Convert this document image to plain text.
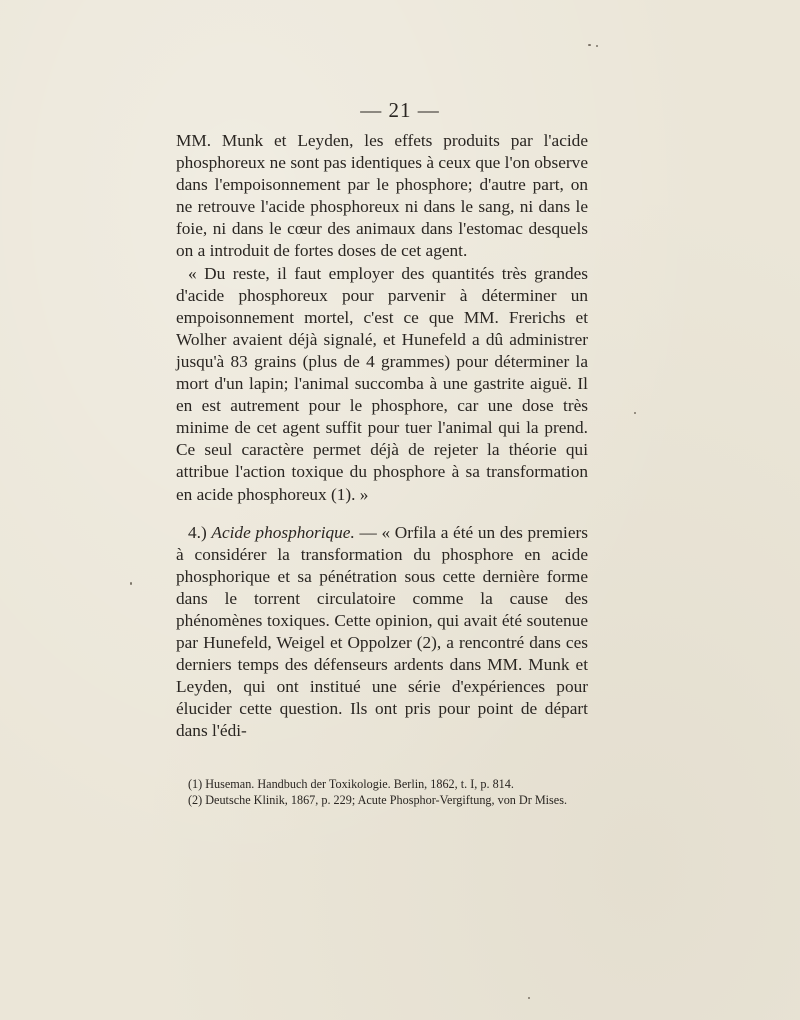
— 21 —

MM. Munk et Leyden, les effets produits par l'acide phosphoreux ne sont pas identiques à ceux que l'on observe dans l'empoisonnement par le phosphore; d'autre part, on ne retrouve l'acide phosphoreux ni dans le sang, ni dans le foie, ni dans le cœur des animaux dans l'estomac desquels on a introduit de fortes doses de cet agent.

« Du reste, il faut employer des quantités très grandes d'acide phosphoreux pour parvenir à déterminer un empoisonnement mortel, c'est ce que MM. Frerichs et Wolher avaient déjà signalé, et Hunefeld a dû administrer jusqu'à 83 grains (plus de 4 grammes) pour déterminer la mort d'un lapin; l'animal succomba à une gastrite aiguë. Il en est autrement pour le phosphore, car une dose très minime de cet agent suffit pour tuer l'animal qui la prend. Ce seul caractère permet déjà de rejeter la théorie qui attribue l'action toxique du phosphore à sa transformation en acide phosphoreux (1). »

4.) Acide phosphorique. — « Orfila a été un des premiers à considérer la transformation du phosphore en acide phosphorique et sa pénétration sous cette dernière forme dans le torrent circulatoire comme la cause des phénomènes toxiques. Cette opinion, qui avait été soutenue par Hunefeld, Weigel et Oppolzer (2), a rencontré dans ces derniers temps des défenseurs ardents dans MM. Munk et Leyden, qui ont institué une série d'expériences pour élucider cette question. Ils ont pris pour point de départ dans l'édi-

(1) Huseman. Handbuch der Toxikologie. Berlin, 1862, t. I, p. 814.

(2) Deutsche Klinik, 1867, p. 229; Acute Phosphor-Vergiftung, von Dr Mises.
